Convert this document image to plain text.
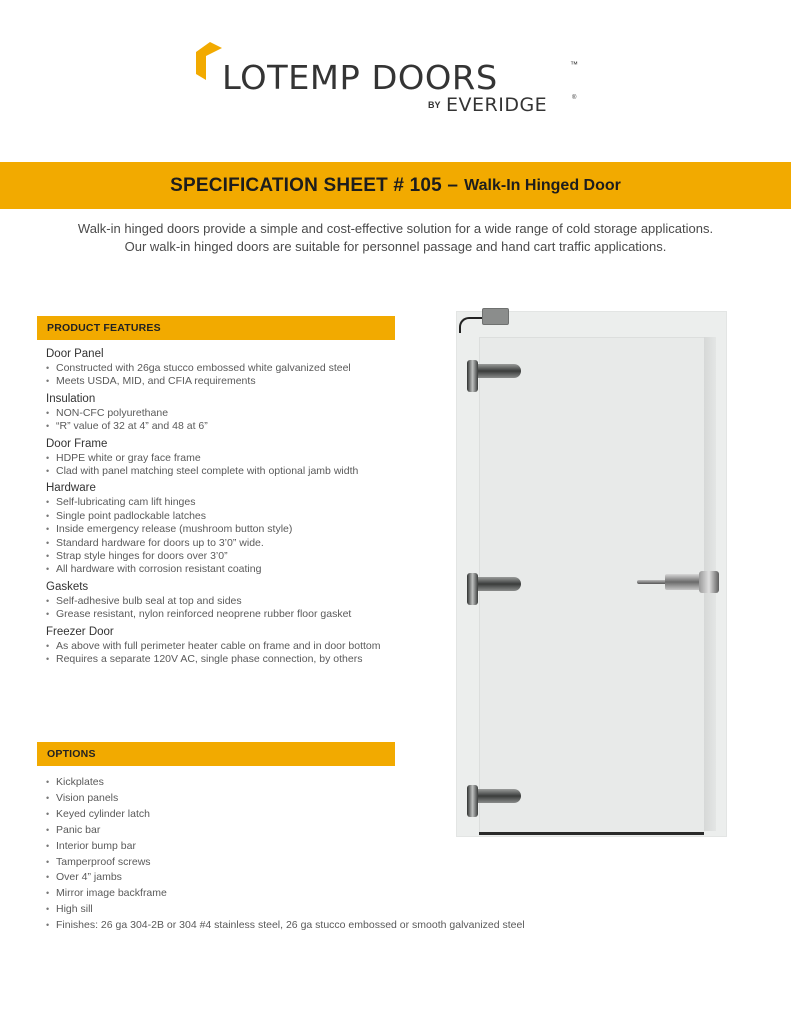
LOTEMP DOORS	™
BY EVERIDGE	®
SPECIFICATION SHEET # 105 – Walk-In Hinged Door
Walk-in hinged doors provide a simple and cost-effective solution for a wide range of cold storage applications.
Our walk-in hinged doors are suitable for personnel passage and hand cart traffic applications.
PRODUCT FEATURES
Door Panel
• Constructed with 26ga stucco embossed white galvanized steel
• Meets USDA, MID, and CFIA requirements
Insulation
• NON-CFC polyurethane
• “R” value of 32 at 4” and 48 at 6”
Door Frame
• HDPE white or gray face frame
• Clad with panel matching steel complete with optional jamb width
Hardware
• Self-lubricating cam lift hinges
• Single point padlockable latches
• Inside emergency release (mushroom button style)
• Standard hardware for doors up to 3’0” wide.
• Strap style hinges for doors over 3’0”
• All hardware with corrosion resistant coating
Gaskets
• Self-adhesive bulb seal at top and sides
• Grease resistant, nylon reinforced neoprene rubber floor gasket
Freezer Door
• As above with full perimeter heater cable on frame and in door bottom
• Requires a separate 120V AC, single phase connection, by others
OPTIONS
• Kickplates
• Vision panels
• Keyed cylinder latch
• Panic bar
• Interior bump bar
• Tamperproof screws
• Over 4” jambs
• Mirror image backframe
• High sill
• Finishes: 26 ga 304-2B or 304 #4 stainless steel, 26 ga stucco embossed or smooth galvanized steel
